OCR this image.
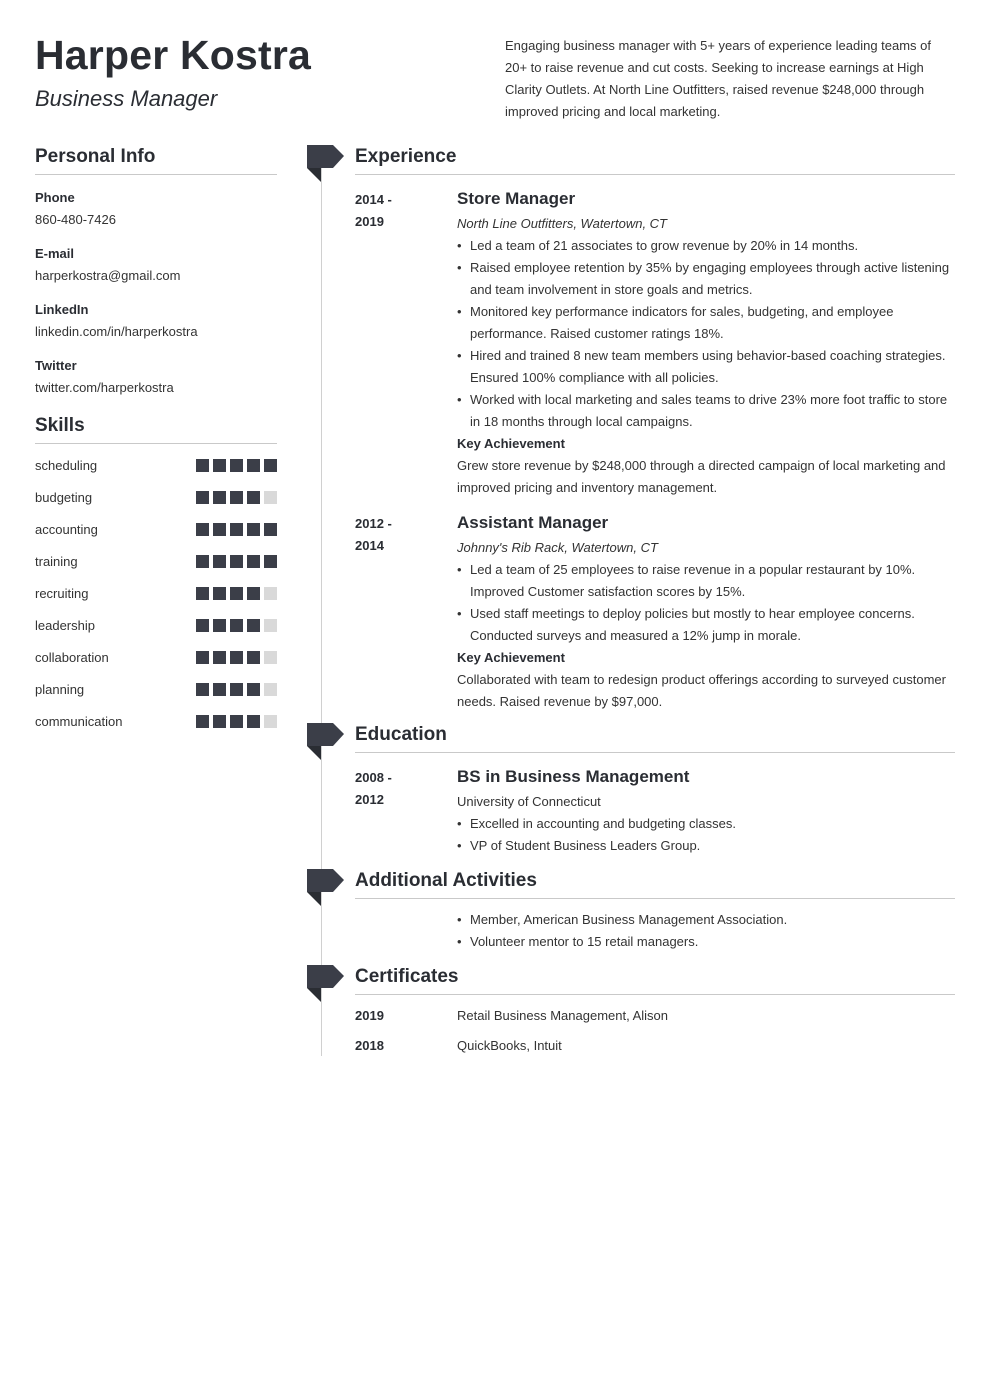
Harper Kostra
Business Manager
Engaging business manager with 5+ years of experience leading teams of 20+ to raise revenue and cut costs. Seeking to increase earnings at High Clarity Outlets. At North Line Outfitters, raised revenue $248,000 through improved pricing and local marketing.
Personal Info
Phone
860-480-7426
E-mail
harperkostra@gmail.com
LinkedIn
linkedin.com/in/harperkostra
Twitter
twitter.com/harperkostra
Skills
scheduling
budgeting
accounting
training
recruiting
leadership
collaboration
planning
communication
Experience
2014 -
2019
Store Manager
North Line Outfitters, Watertown, CT
• Led a team of 21 associates to grow revenue by 20% in 14 months.
• Raised employee retention by 35% by engaging employees through active listening and team involvement in store goals and metrics.
• Monitored key performance indicators for sales, budgeting, and employee performance. Raised customer ratings 18%.
• Hired and trained 8 new team members using behavior-based coaching strategies. Ensured 100% compliance with all policies.
• Worked with local marketing and sales teams to drive 23% more foot traffic to store in 18 months through local campaigns.
Key Achievement
Grew store revenue by $248,000 through a directed campaign of local marketing and improved pricing and inventory management.
2012 -
2014
Assistant Manager
Johnny's Rib Rack, Watertown, CT
• Led a team of 25 employees to raise revenue in a popular restaurant by 10%. Improved Customer satisfaction scores by 15%.
• Used staff meetings to deploy policies but mostly to hear employee concerns. Conducted surveys and measured a 12% jump in morale.
Key Achievement
Collaborated with team to redesign product offerings according to surveyed customer needs. Raised revenue by $97,000.
Education
2008 -
2012
BS in Business Management
University of Connecticut
• Excelled in accounting and budgeting classes.
• VP of Student Business Leaders Group.
Additional Activities
• Member, American Business Management Association.
• Volunteer mentor to 15 retail managers.
Certificates
2019	Retail Business Management, Alison
2018	QuickBooks, Intuit
